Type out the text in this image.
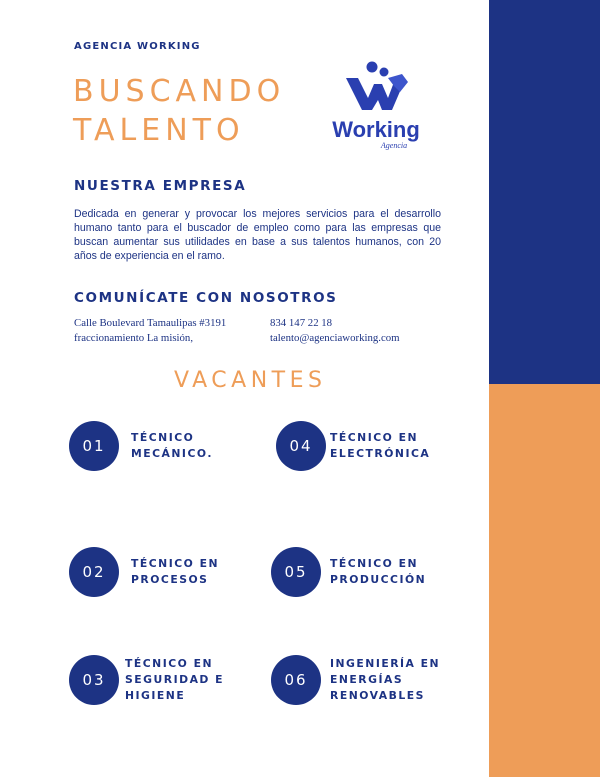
AGENCIA WORKING
BUSCANDO
TALENTO	Working
Agencia
NUESTRA EMPRESA

Dedicada en generar y provocar los mejores servicios para el desarrollo humano tanto para el buscador de empleo como para las empresas que buscan aumentar sus utilidades en base a sus talentos humanos, con 20 años de experiencia en el ramo.

COMUNÍCATE CON NOSOTROS
Calle Boulevard Tamaulipas #3191
fraccionamiento La misión,
834 147 22 18
talento@agenciaworking.com
VACANTES
01	TÉCNICO
MECÁNICO.
02	TÉCNICO EN
PROCESOS
03
TÉCNICO EN
SEGURIDAD E
HIGIENE
04	TÉCNICO EN
ELECTRÓNICA
05	TÉCNICO EN
PRODUCCIÓN
06
INGENIERÍA EN
ENERGÍAS
RENOVABLES
